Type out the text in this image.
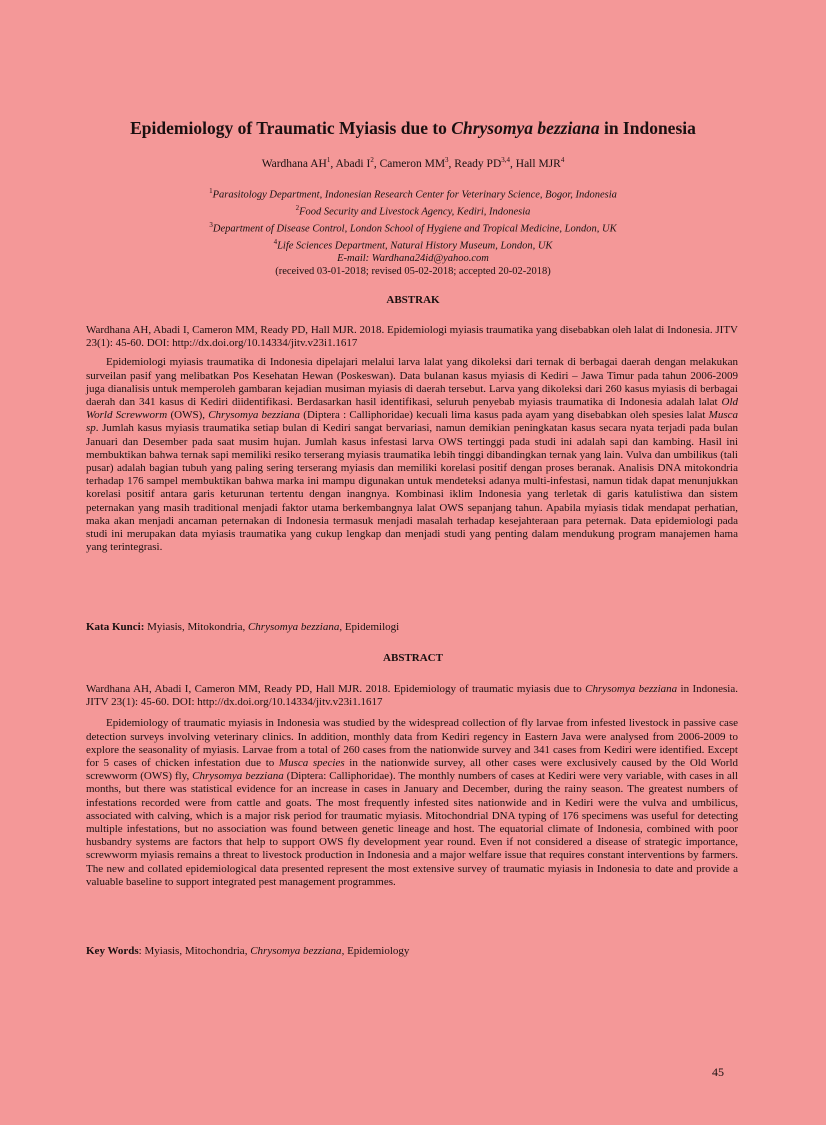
Epidemiology of Traumatic Myiasis due to Chrysomya bezziana in Indonesia
Wardhana $AH^1$, Abadi $I^2$, Cameron $MM^3$, Ready PD$^{3,4}$, Hall MJR$^4$
$^1$Parasitology Department, Indonesian Research Center for Veterinary Science, Bogor, Indonesia
$^2$Food Security and Livestock Agency, Kediri, Indonesia
$^3$Department of Disease Control, London School of Hygiene and Tropical Medicine, London, UK
$^4$Life Sciences Department, Natural History Museum, London, UK
E-mail: Wardhana24id@yahoo.com
(received 03-01-2018; revised 05-02-2018; accepted 20-02-2018)
ABSTRAK

Wardhana AH, Abadi I, Cameron MM, Ready PD, Hall MJR. 2018. Epidemiologi myiasis traumatika yang disebabkan oleh lalat di Indonesia. JITV 23(1): 45-60. DOI: http://dx.doi.org/10.14334/jitv.v23i1.1617

Epidemiologi myiasis traumatika di Indonesia dipelajari melalui larva lalat yang dikoleksi dari ternak di berbagai daerah dengan melakukan surveilan pasif yang melibatkan Pos Kesehatan Hewan (Poskeswan). Data bulanan kasus myiasis di Kediri – Jawa Timur pada tahun 2006-2009 juga dianalisis untuk memperoleh gambaran kejadian musiman myiasis di daerah tersebut. Larva yang dikoleksi dari 260 kasus myiasis di berbagai daerah dan 341 kasus di Kediri diidentifikasi. Berdasarkan hasil identifikasi, seluruh penyebab myiasis traumatika di Indonesia adalah lalat Old World Screwworm (OWS), Chrysomya bezziana (Diptera : Calliphoridae) kecuali lima kasus pada ayam yang disebabkan oleh spesies lalat Musca sp. Jumlah kasus myiasis traumatika setiap bulan di Kediri sangat bervariasi, namun demikian peningkatan kasus secara nyata terjadi pada bulan Januari dan Desember pada saat musim hujan. Jumlah kasus infestasi larva OWS tertinggi pada studi ini adalah sapi dan kambing. Hasil ini membuktikan bahwa ternak sapi memiliki resiko terserang myiasis traumatika lebih tinggi dibandingkan ternak yang lain. Vulva dan umbilikus (tali pusar) adalah bagian tubuh yang paling sering terserang myiasis dan memiliki korelasi positif dengan proses beranak. Analisis DNA mitokondria terhadap 176 sampel membuktikan bahwa marka ini mampu digunakan untuk mendeteksi adanya multi-infestasi, namun tidak dapat menunjukkan korelasi positif antara garis keturunan tertentu dengan inangnya. Kombinasi iklim Indonesia yang terletak di garis katulistiwa dan sistem peternakan yang masih traditional menjadi faktor utama berkembangnya lalat OWS sepanjang tahun. Apabila myiasis tidak mendapat perhatian, maka akan menjadi ancaman peternakan di Indonesia termasuk menjadi masalah terhadap kesejahteraan para peternak. Data epidemiologi pada studi ini merupakan data myiasis traumatika yang cukup lengkap dan menjadi studi yang penting dalam mendukung program manajemen hama yang terintegrasi.

Kata Kunci: Myiasis, Mitokondria, Chrysomya bezziana, Epidemilogi
ABSTRACT

Wardhana AH, Abadi I, Cameron MM, Ready PD, Hall MJR. 2018. Epidemiology of traumatic myiasis due to Chrysomya bezziana in Indonesia. JITV 23(1): 45-60. DOI: http://dx.doi.org/10.14334/jitv.v23i1.1617

Epidemiology of traumatic myiasis in Indonesia was studied by the widespread collection of fly larvae from infested livestock in passive case detection surveys involving veterinary clinics. In addition, monthly data from Kediri regency in Eastern Java were analysed from 2006-2009 to explore the seasonality of myiasis. Larvae from a total of 260 cases from the nationwide survey and 341 cases from Kediri were identified. Except for 5 cases of chicken infestation due to Musca species in the nationwide survey, all other cases were exclusively caused by the Old World screwworm (OWS) fly, Chrysomya bezziana (Diptera: Calliphoridae). The monthly numbers of cases at Kediri were very variable, with cases in all months, but there was statistical evidence for an increase in cases in January and December, during the rainy season. The greatest numbers of infestations recorded were from cattle and goats. The most frequently infested sites nationwide and in Kediri were the vulva and umbilicus, associated with calving, which is a major risk period for traumatic myiasis. Mitochondrial DNA typing of 176 specimens was useful for detecting multiple infestations, but no association was found between genetic lineage and host. The equatorial climate of Indonesia, combined with poor husbandry systems are factors that help to support OWS fly development year round. Even if not considered a disease of strategic importance, screwworm myiasis remains a threat to livestock production in Indonesia and a major welfare issue that requires constant interventions by farmers. The new and collated epidemiological data presented represent the most extensive survey of traumatic myiasis in Indonesia to date and provide a valuable baseline to support integrated pest management programmes.

Key Words: Myiasis, Mitochondria, Chrysomya bezziana, Epidemiology
45
